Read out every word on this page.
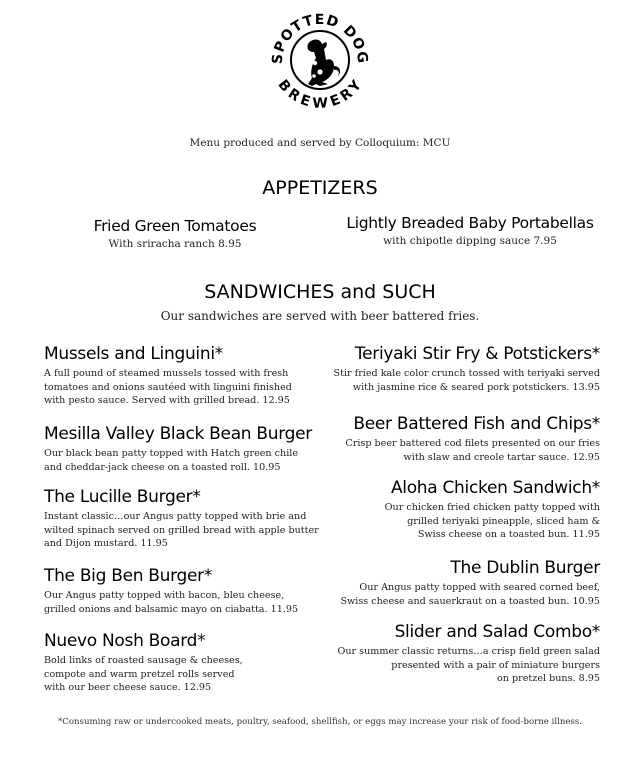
SPOTTED DOG
BREWERY
Menu produced and served by Colloquium: MCU
APPETIZERS
Fried Green Tomatoes
With sriracha ranch 8.95
Lightly Breaded Baby Portabellas
with chipotle dipping sauce 7.95
SANDWICHES and SUCH
Our sandwiches are served with beer battered fries.
Mussels and Linguini*
A full pound of steamed mussels tossed with fresh
tomatoes and onions sautéed with linguini finished
with pesto sauce. Served with grilled bread. 12.95
Mesilla Valley Black Bean Burger
Our black bean patty topped with Hatch green chile
and cheddar-jack cheese on a toasted roll. 10.95
The Lucille Burger*
Instant classic…our Angus patty topped with brie and
wilted spinach served on grilled bread with apple butter
and Dijon mustard. 11.95
The Big Ben Burger*
Our Angus patty topped with bacon, bleu cheese,
grilled onions and balsamic mayo on ciabatta. 11.95
Nuevo Nosh Board*
Bold links of roasted sausage & cheeses,
compote and warm pretzel rolls served
with our beer cheese sauce. 12.95
Teriyaki Stir Fry & Potstickers*
Stir fried kale color crunch tossed with teriyaki served
with jasmine rice & seared pork potstickers. 13.95
Beer Battered Fish and Chips*
Crisp beer battered cod filets presented on our fries
with slaw and creole tartar sauce. 12.95
Aloha Chicken Sandwich*
Our chicken fried chicken patty topped with
grilled teriyaki pineapple, sliced ham &
Swiss cheese on a toasted bun. 11.95
The Dublin Burger
Our Angus patty topped with seared corned beef,
Swiss cheese and sauerkraut on a toasted bun. 10.95
Slider and Salad Combo*
Our summer classic returns…a crisp field green salad
presented with a pair of miniature burgers
on pretzel buns. 8.95
*Consuming raw or undercooked meats, poultry, seafood, shellfish, or eggs may increase your risk of food-borne illness.
